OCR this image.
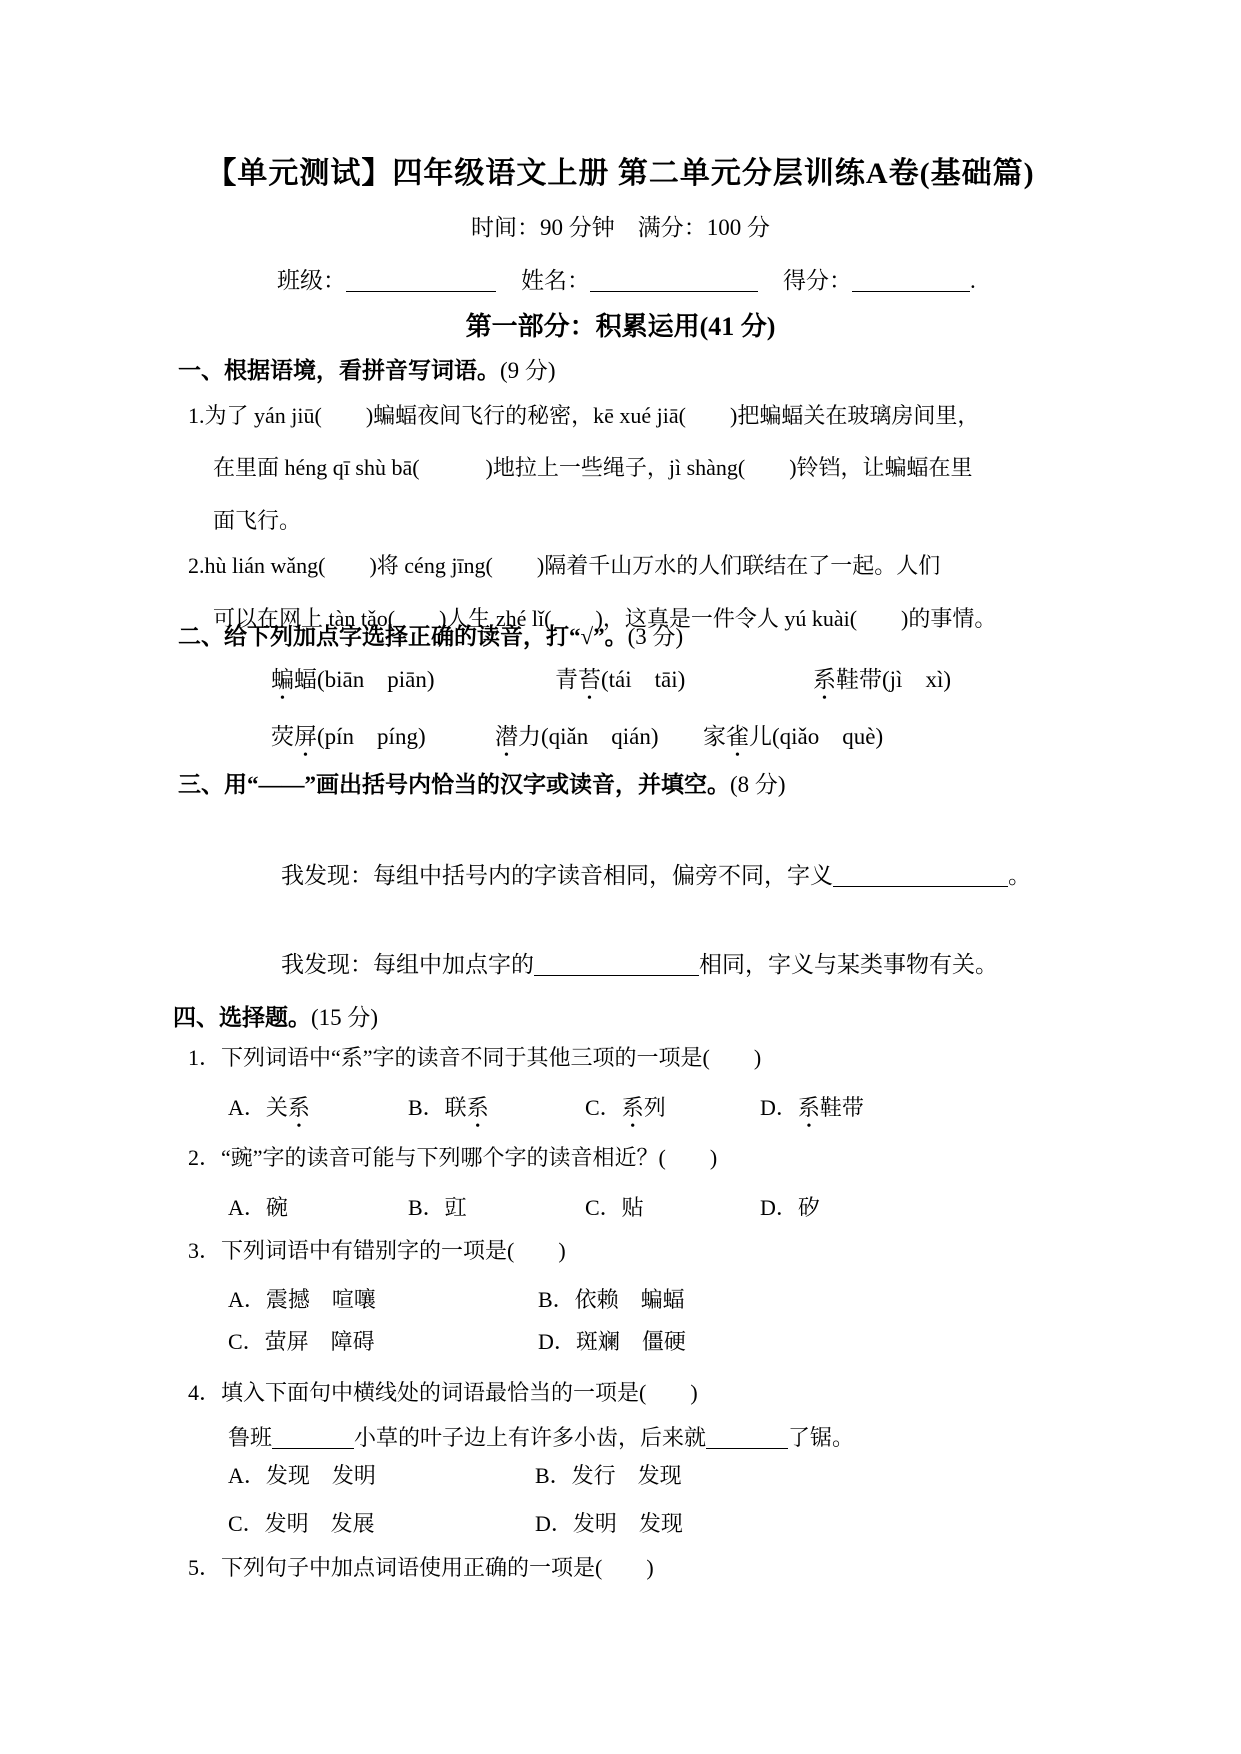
【单元测试】四年级语文上册 第二单元分层训练A卷(基础篇)
时间：90 分钟　满分：100 分
班级：	姓名：	得分：	.
第一部分：积累运用(41 分)
一、根据语境，看拼音写词语。(9 分)
1.为了 yán jiū(　　)蝙蝠夜间飞行的秘密，kē xué jiā(　　)把蝙蝠关在玻璃房间里，
在里面 héng qī shù bā(　　　)地拉上一些绳子，jì shàng(　　)铃铛，让蝙蝠在里
面飞行。
2.hù lián wǎng(　　)将 céng jīng(　　)隔着千山万水的人们联结在了一起。人们
可以在网上 tàn tǎo(　　)人生 zhé lǐ(　　)，这真是一件令人 yú kuài(　　)的事情。
二、给下列加点字选择正确的读音，打“√”。(3 分)
蝙蝠(biān　piān)	青苔(tái　tāi)	系鞋带(jì　xì)
荧屏(pín　píng)	潜力(qiǎn　qián) 家雀儿(qiǎo　què)
三、用“——”画出括号内恰当的汉字或读音，并填空。(8 分)
我发现：每组中括号内的字读音相同，偏旁不同，字义	。
我发现：每组中加点字的	相同，字义与某类事物有关。
四、选择题。(15 分)
1．下列词语中“系”字的读音不同于其他三项的一项是(　　)
A．关系	B．联系	C．系列	D．系鞋带
2．“豌”字的读音可能与下列哪个字的读音相近？(　　)
A．碗	B．豇	C．贴	D．矽
3．下列词语中有错别字的一项是(　　)
A．震撼　喧嚷	B．依赖　蝙蝠
C．萤屏　障碍	D．斑斓　僵硬
4．填入下面句中横线处的词语最恰当的一项是(　　)
鲁班	小草的叶子边上有许多小齿，后来就	了锯。
A．发现　发明	B．发行　发现
C．发明　发展	D．发明　发现
5．下列句子中加点词语使用正确的一项是(　　)
